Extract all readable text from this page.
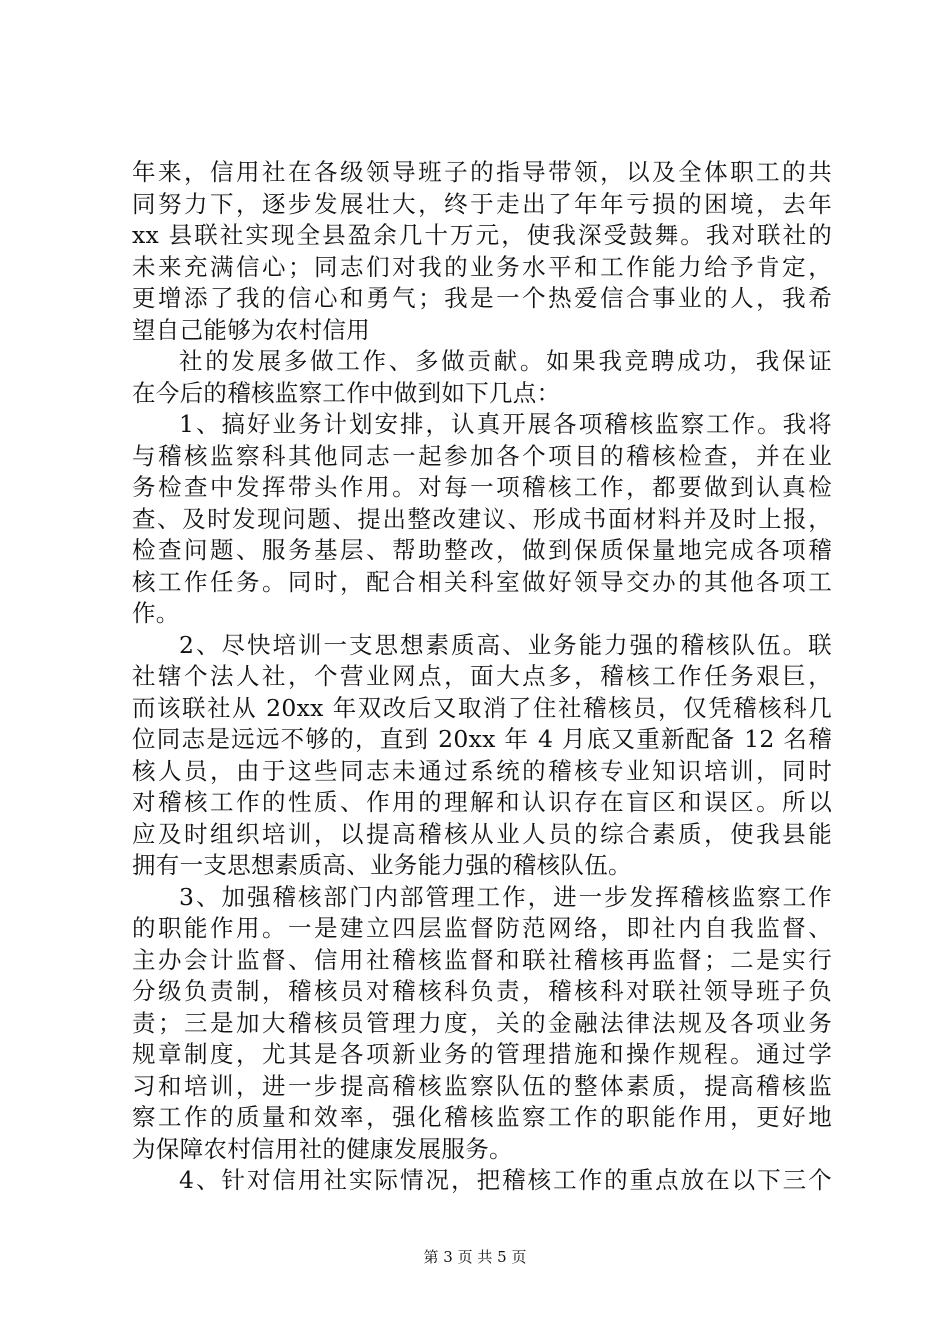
年来，信用社在各级领导班子的指导带领，以及全体职工的共
同努力下，逐步发展壮大，终于走出了年年亏损的困境，去年
xx 县联社实现全县盈余几十万元，使我深受鼓舞。我对联社的
未来充满信心；同志们对我的业务水平和工作能力给予肯定，
更增添了我的信心和勇气；我是一个热爱信合事业的人，我希
望自己能够为农村信用
社的发展多做工作、多做贡献。如果我竞聘成功，我保证
在今后的稽核监察工作中做到如下几点：
1、搞好业务计划安排，认真开展各项稽核监察工作。我将
与稽核监察科其他同志一起参加各个项目的稽核检查，并在业
务检查中发挥带头作用。对每一项稽核工作，都要做到认真检
查、及时发现问题、提出整改建议、形成书面材料并及时上报，
检查问题、服务基层、帮助整改，做到保质保量地完成各项稽
核工作任务。同时，配合相关科室做好领导交办的其他各项工
作。
2、尽快培训一支思想素质高、业务能力强的稽核队伍。联
社辖个法人社，个营业网点，面大点多，稽核工作任务艰巨，
而该联社从 20xx 年双改后又取消了住社稽核员，仅凭稽核科几
位同志是远远不够的，直到 20xx 年 4 月底又重新配备 12 名稽
核人员，由于这些同志未通过系统的稽核专业知识培训，同时
对稽核工作的性质、作用的理解和认识存在盲区和误区。所以
应及时组织培训，以提高稽核从业人员的综合素质，使我县能
拥有一支思想素质高、业务能力强的稽核队伍。
3、加强稽核部门内部管理工作，进一步发挥稽核监察工作
的职能作用。一是建立四层监督防范网络，即社内自我监督、
主办会计监督、信用社稽核监督和联社稽核再监督；二是实行
分级负责制，稽核员对稽核科负责，稽核科对联社领导班子负
责；三是加大稽核员管理力度，关的金融法律法规及各项业务
规章制度，尤其是各项新业务的管理措施和操作规程。通过学
习和培训，进一步提高稽核监察队伍的整体素质，提高稽核监
察工作的质量和效率，强化稽核监察工作的职能作用，更好地
为保障农村信用社的健康发展服务。
4、针对信用社实际情况，把稽核工作的重点放在以下三个
第 3 页 共 5 页
